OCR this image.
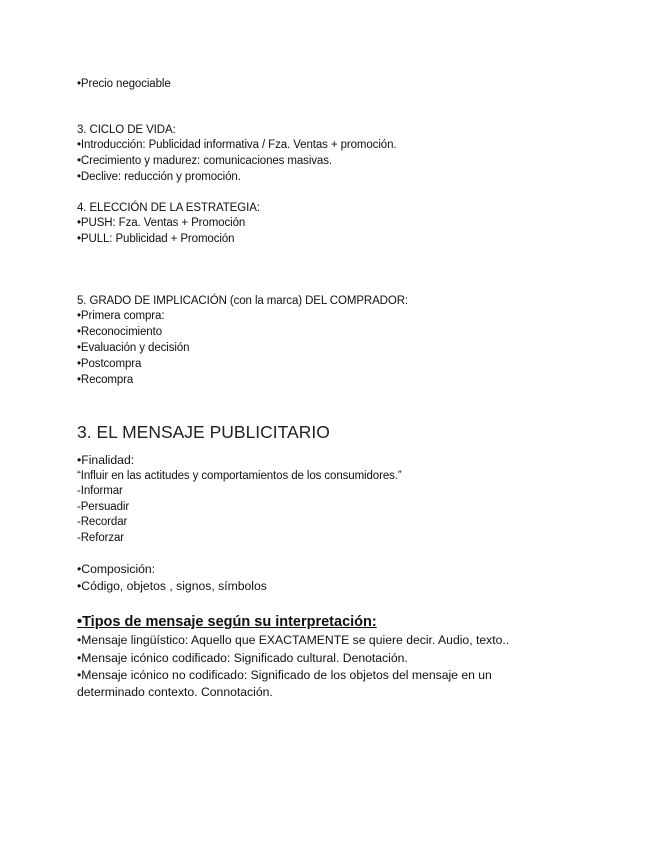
•Precio negociable
3. CICLO DE VIDA:
•Introducción: Publicidad informativa / Fza. Ventas + promoción.
•Crecimiento y madurez: comunicaciones masivas.
•Declive: reducción y promoción.
4. ELECCIÓN DE LA ESTRATEGIA:
•PUSH: Fza. Ventas + Promoción
•PULL: Publicidad + Promoción
5. GRADO DE IMPLICACIÓN (con la marca) DEL COMPRADOR:
•Primera compra:
•Reconocimiento
•Evaluación y decisión
•Postcompra
•Recompra
3. EL MENSAJE PUBLICITARIO
•Finalidad:
“Influir en las actitudes y comportamientos de los consumidores.”
-Informar
-Persuadir
-Recordar
-Reforzar
•Composición:
•Código, objetos , signos, símbolos
•Tipos de mensaje según su interpretación:
•Mensaje lingüístico: Aquello que EXACTAMENTE se quiere decir. Audio, texto..
•Mensaje icónico codificado: Significado cultural. Denotación.
•Mensaje icónico no codificado: Significado de los objetos del mensaje en un
determinado contexto. Connotación.
